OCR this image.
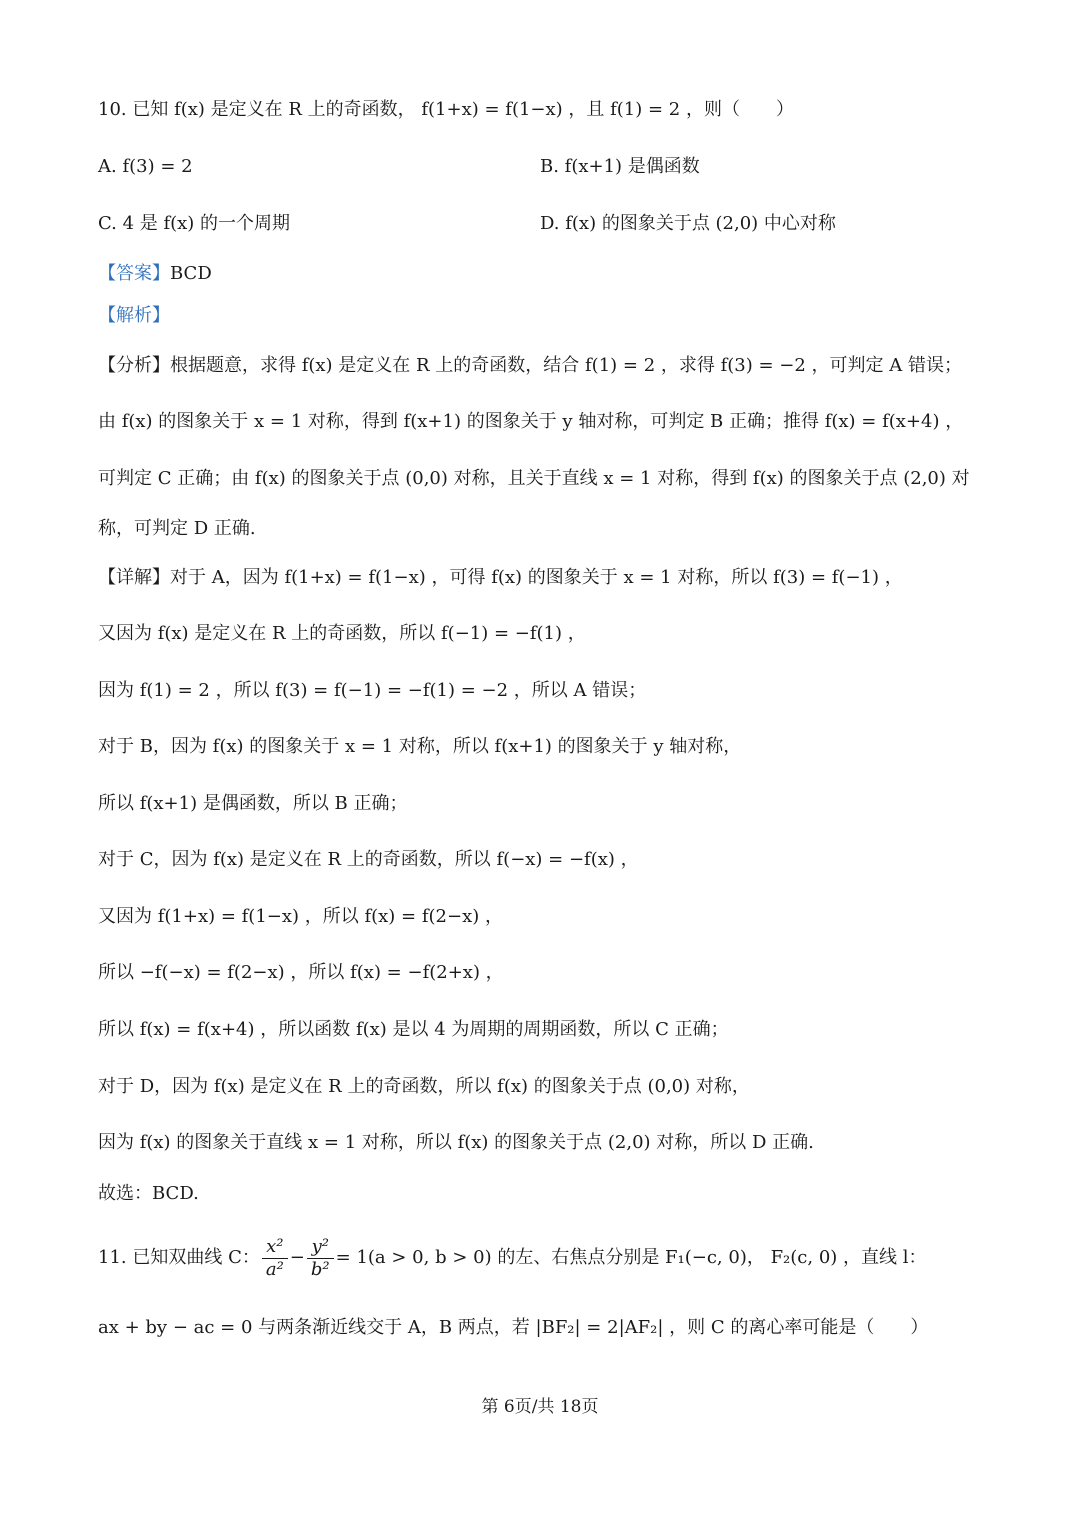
10. 已知 f(x) 是定义在 R 上的奇函数， f(1+x) = f(1−x) ，且 f(1) = 2 ，则（　　）
A. f(3) = 2	B. f(x+1) 是偶函数
C. 4 是 f(x) 的一个周期	D. f(x) 的图象关于点 (2,0) 中心对称
【答案】BCD
【解析】
【分析】根据题意，求得 f(x) 是定义在 R 上的奇函数，结合 f(1) = 2 ，求得 f(3) = −2 ，可判定 A 错误；
由 f(x) 的图象关于 x = 1 对称，得到 f(x+1) 的图象关于 y 轴对称，可判定 B 正确；推得 f(x) = f(x+4) ，
可判定 C 正确；由 f(x) 的图象关于点 (0,0) 对称，且关于直线 x = 1 对称，得到 f(x) 的图象关于点 (2,0) 对
称，可判定 D 正确.
【详解】对于 A，因为 f(1+x) = f(1−x) ，可得 f(x) 的图象关于 x = 1 对称，所以 f(3) = f(−1) ，
又因为 f(x) 是定义在 R 上的奇函数，所以 f(−1) = −f(1) ，
因为 f(1) = 2 ，所以 f(3) = f(−1) = −f(1) = −2 ，所以 A 错误；
对于 B，因为 f(x) 的图象关于 x = 1 对称，所以 f(x+1) 的图象关于 y 轴对称，
所以 f(x+1) 是偶函数，所以 B 正确；
对于 C，因为 f(x) 是定义在 R 上的奇函数，所以 f(−x) = −f(x) ，
又因为 f(1+x) = f(1−x) ，所以 f(x) = f(2−x) ，
所以 −f(−x) = f(2−x) ，所以 f(x) = −f(2+x) ，
所以 f(x) = f(x+4) ，所以函数 f(x) 是以 4 为周期的周期函数，所以 C 正确；
对于 D，因为 f(x) 是定义在 R 上的奇函数，所以 f(x) 的图象关于点 (0,0) 对称，
因为 f(x) 的图象关于直线 x = 1 对称，所以 f(x) 的图象关于点 (2,0) 对称，所以 D 正确.
故选：BCD.
11. 已知双曲线 C： $\frac{\text{x²}}{\text{a²}} - \frac{\text{y²}}{\text{b²}} = 1(a > 0$, b > 0) 的左、右焦点分别是 F₁(−c, 0)， F₂(c, 0) ，直线 l：
ax + by − ac = 0 与两条渐近线交于 A，B 两点，若 |BF₂| = 2|AF₂| ，则 C 的离心率可能是（　　）
第 6页/共 18页
